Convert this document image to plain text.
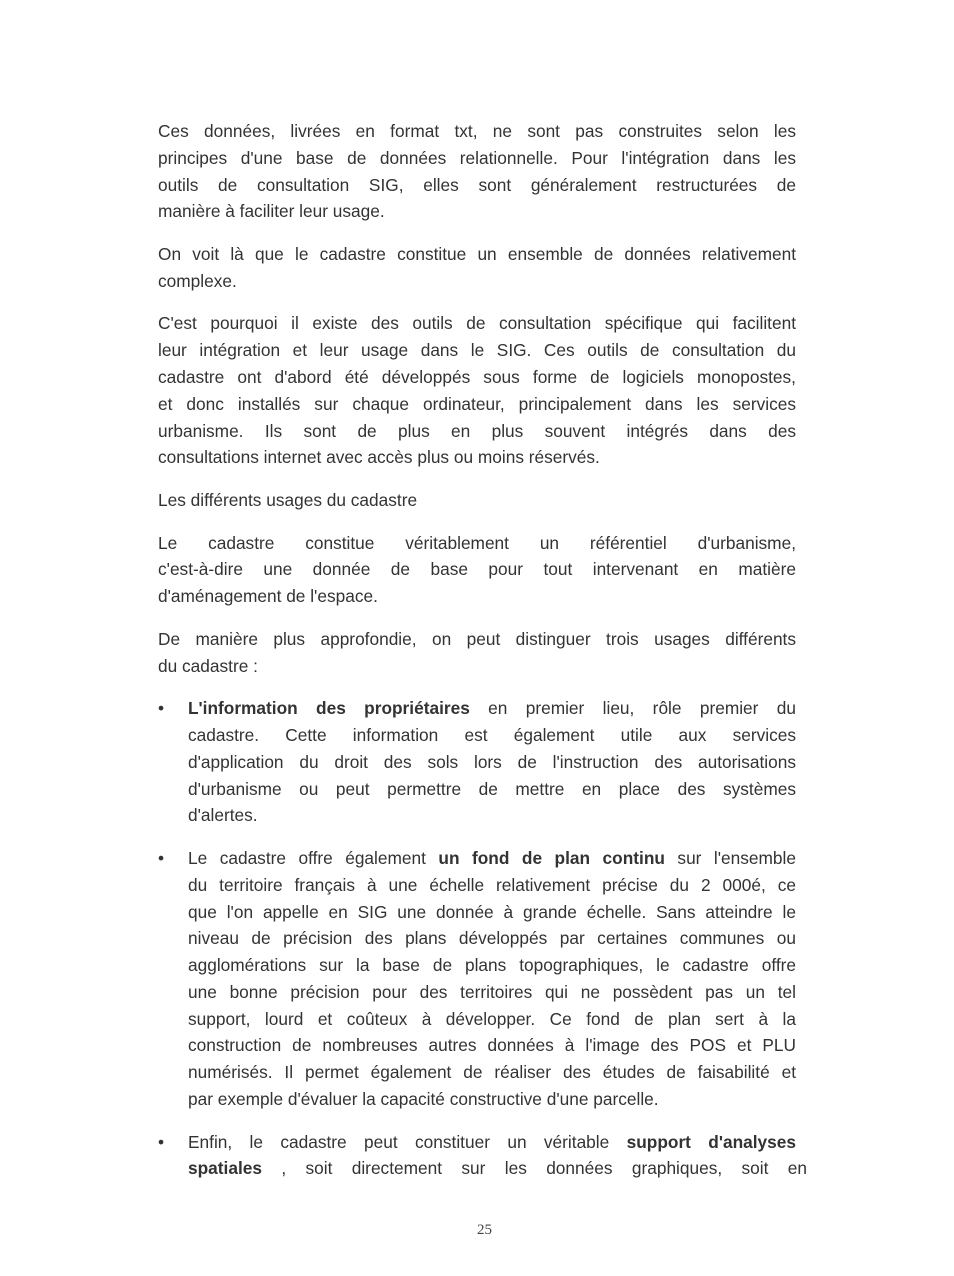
Ces données, livrées en format txt, ne sont pas construites selon les
principes d'une base de données relationnelle. Pour l'intégration dans les
outils de consultation SIG, elles sont généralement restructurées de
manière à faciliter leur usage.
On voit là que le cadastre constitue un ensemble de données relativement
complexe.
C'est pourquoi il existe des outils de consultation spécifique qui facilitent
leur intégration et leur usage dans le SIG. Ces outils de consultation du
cadastre ont d'abord été développés sous forme de logiciels monopostes,
et donc installés sur chaque ordinateur, principalement dans les services
urbanisme. Ils sont de plus en plus souvent intégrés dans des
consultations internet avec accès plus ou moins réservés.
Les différents usages du cadastre
Le cadastre constitue véritablement un référentiel d'urbanisme,
c'est-à-dire une donnée de base pour tout intervenant en matière
d'aménagement de l'espace.
De manière plus approfondie, on peut distinguer trois usages différents
du cadastre :
• L'information des propriétaires en premier lieu, rôle premier du
cadastre. Cette information est également utile aux services
d'application du droit des sols lors de l'instruction des autorisations
d'urbanisme ou peut permettre de mettre en place des systèmes
d'alertes.
• Le cadastre offre également un fond de plan continu sur l'ensemble
du territoire français à une échelle relativement précise du 2 000é, ce
que l'on appelle en SIG une donnée à grande échelle. Sans atteindre le
niveau de précision des plans développés par certaines communes ou
agglomérations sur la base de plans topographiques, le cadastre offre
une bonne précision pour des territoires qui ne possèdent pas un tel
support, lourd et coûteux à développer. Ce fond de plan sert à la
construction de nombreuses autres données à l'image des POS et PLU
numérisés. Il permet également de réaliser des études de faisabilité et
par exemple d'évaluer la capacité constructive d'une parcelle.
• Enfin, le cadastre peut constituer un véritable support d'analyses
spatiales , soit directement sur les données graphiques, soit en
25
